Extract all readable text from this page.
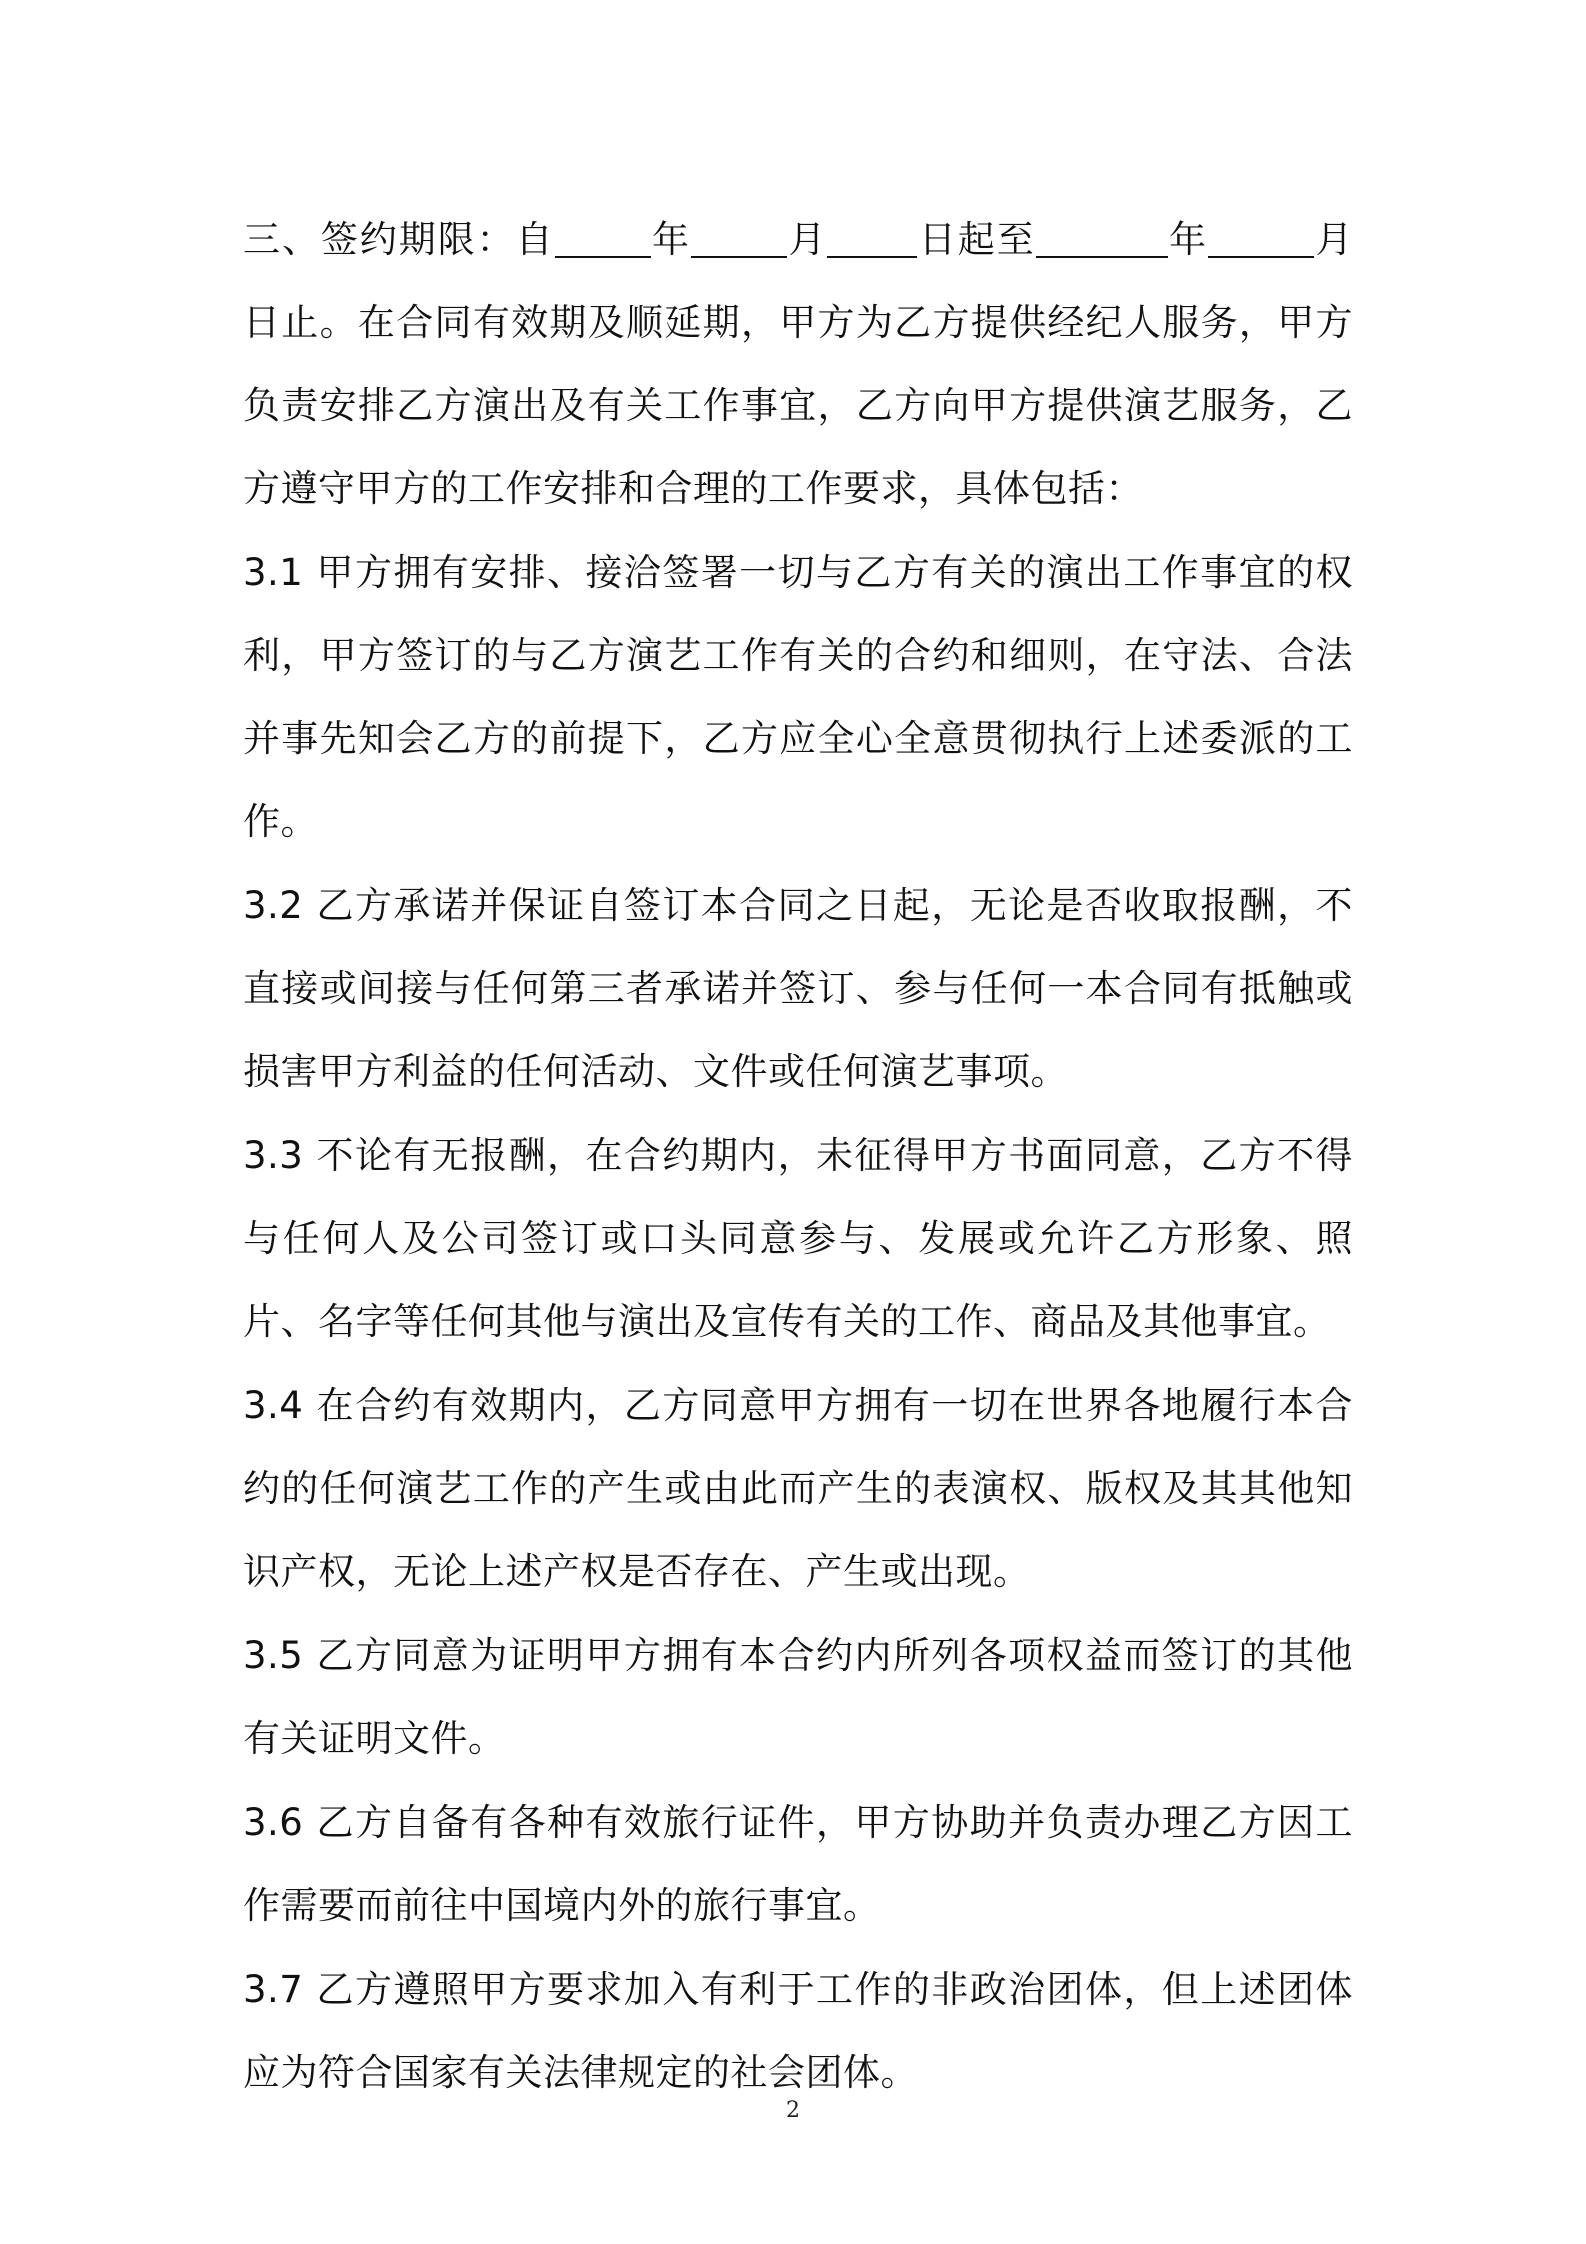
三、签约期限：自	年	月 日起至	年	月日止。在合同有效期及顺延期，甲方为乙方提供经纪人服务，甲方负责安排乙方演出及有关工作事宜，乙方向甲方提供演艺服务，乙方遵守甲方的工作安排和合理的工作要求，具体包括：

3.1 甲方拥有安排、接洽签署一切与乙方有关的演出工作事宜的权利，甲方签订的与乙方演艺工作有关的合约和细则，在守法、合法并事先知会乙方的前提下，乙方应全心全意贯彻执行上述委派的工作。

3.2 乙方承诺并保证自签订本合同之日起，无论是否收取报酬，不直接或间接与任何第三者承诺并签订、参与任何一本合同有抵触或损害甲方利益的任何活动、文件或任何演艺事项。

3.3 不论有无报酬，在合约期内，未征得甲方书面同意，乙方不得与任何人及公司签订或口头同意参与、发展或允许乙方形象、照片、名字等任何其他与演出及宣传有关的工作、商品及其他事宜。

3.4 在合约有效期内，乙方同意甲方拥有一切在世界各地履行本合约的任何演艺工作的产生或由此而产生的表演权、版权及其其他知识产权，无论上述产权是否存在、产生或出现。

3.5 乙方同意为证明甲方拥有本合约内所列各项权益而签订的其他有关证明文件。

3.6 乙方自备有各种有效旅行证件，甲方协助并负责办理乙方因工作需要而前往中国境内外的旅行事宜。

3.7 乙方遵照甲方要求加入有利于工作的非政治团体，但上述团体应为符合国家有关法律规定的社会团体。

2
